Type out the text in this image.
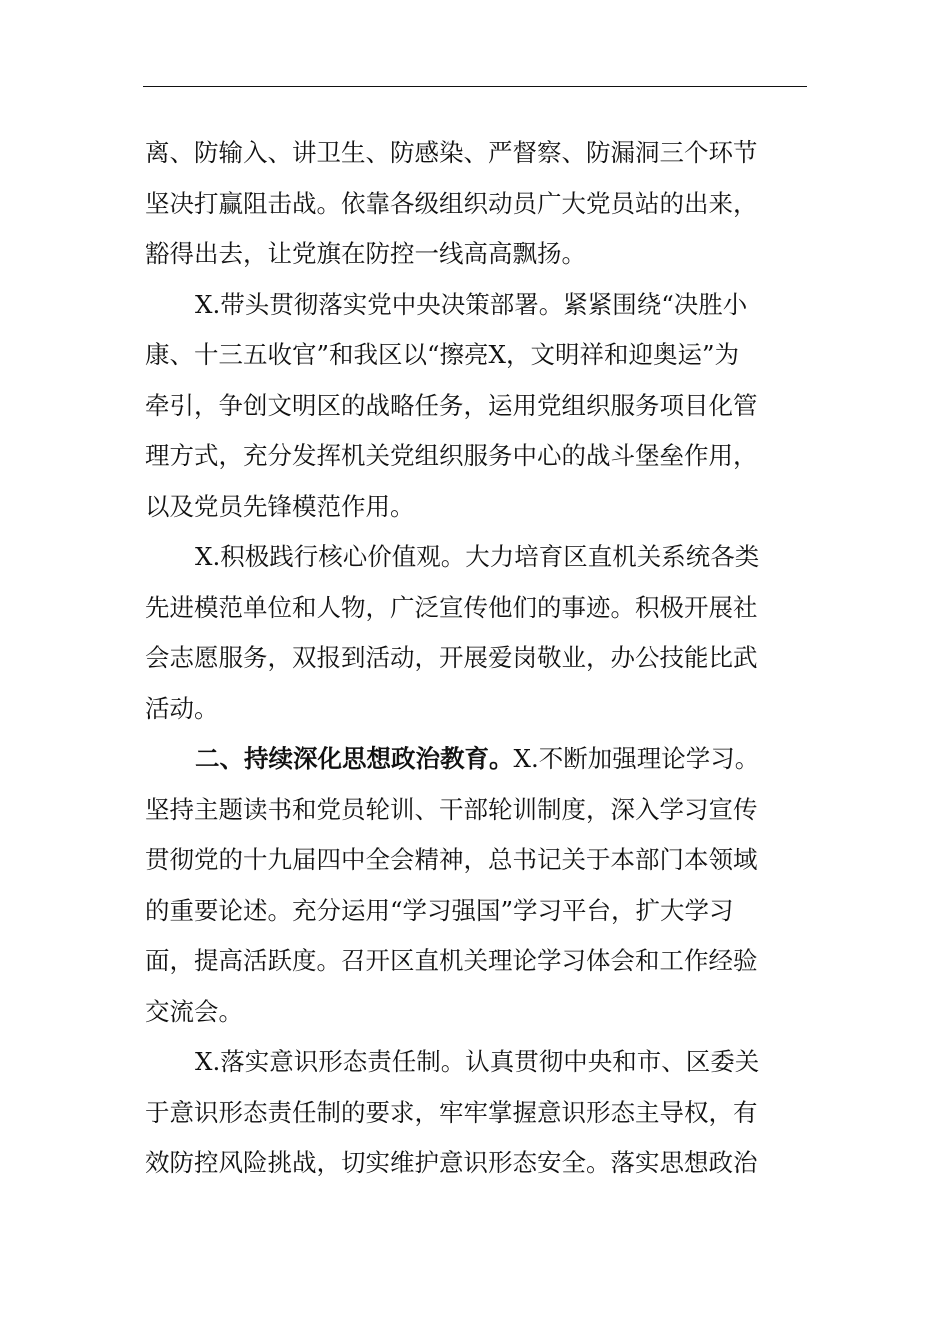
离、防输入、讲卫生、防感染、严督察、防漏洞三个环节
坚决打赢阻击战。依靠各级组织动员广大党员站的出来，
豁得出去，让党旗在防控一线高高飘扬。
X.带头贯彻落实党中央决策部署。紧紧围绕“决胜小
康、十三五收官”和我区以“擦亮X，文明祥和迎奥运”为
牵引，争创文明区的战略任务，运用党组织服务项目化管
理方式，充分发挥机关党组织服务中心的战斗堡垒作用，
以及党员先锋模范作用。
X.积极践行核心价值观。大力培育区直机关系统各类
先进模范单位和人物，广泛宣传他们的事迹。积极开展社
会志愿服务，双报到活动，开展爱岗敬业，办公技能比武
活动。
二、持续深化思想政治教育。X.不断加强理论学习。
坚持主题读书和党员轮训、干部轮训制度，深入学习宣传
贯彻党的十九届四中全会精神，总书记关于本部门本领域
的重要论述。充分运用“学习强国”学习平台，扩大学习
面，提高活跃度。召开区直机关理论学习体会和工作经验
交流会。
X.落实意识形态责任制。认真贯彻中央和市、区委关
于意识形态责任制的要求，牢牢掌握意识形态主导权，有
效防控风险挑战，切实维护意识形态安全。落实思想政治
